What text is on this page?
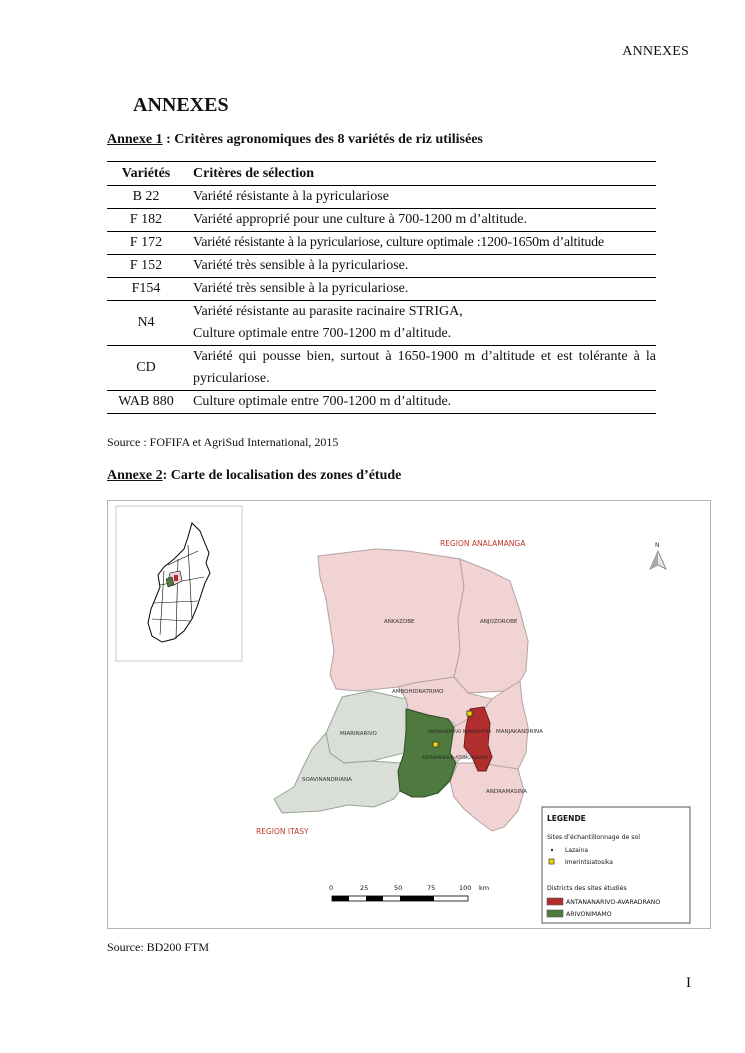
ANNEXES
ANNEXES
Annexe 1 : Critères agronomiques des 8 variétés de riz utilisées
Variétés	Critères de sélection
B 22	Variété résistante à la pyriculariose
F 182	Variété approprié pour une culture à 700-1200 m d’altitude.
F 172	Variété résistante à la pyriculariose, culture optimale :1200-1650m d’altitude
F 152	Variété très sensible à la pyriculariose.
F154	Variété très sensible à la pyriculariose.
N4	Variété résistante au parasite racinaire STRIGA,
Culture optimale entre 700-1200 m d’altitude.

CD	Variété qui pousse bien, surtout à 1650-1900 m d’altitude et est tolérante à la pyriculariose.
WAB 880	Culture optimale entre 700-1200 m d’altitude.
Source : FOFIFA et AgriSud International, 2015
Annexe 2: Carte de localisation des zones d’étude
REGION ANALAMANGA
REGION ITASY
ANKAZOBE	ANJOZOROBE
AMBOHIDRATRIMO
MANJAKANDRINA
MIARINARIVO
SOAVINANDRIANA
ANDRAMASINA
ANTANANARIVO RENIVOHITRA
ANTANANARIVO-ATSIMONDRANO
N
0	25	50	75	100 km
LEGENDE
Sites d’échantillonnage de sol
Lazaina
Imerintsiatosika
Districts des sites étudiés
ANTANANARIVO-AVARADRANO
ARIVONIMAMO
Source: BD200 FTM
I
